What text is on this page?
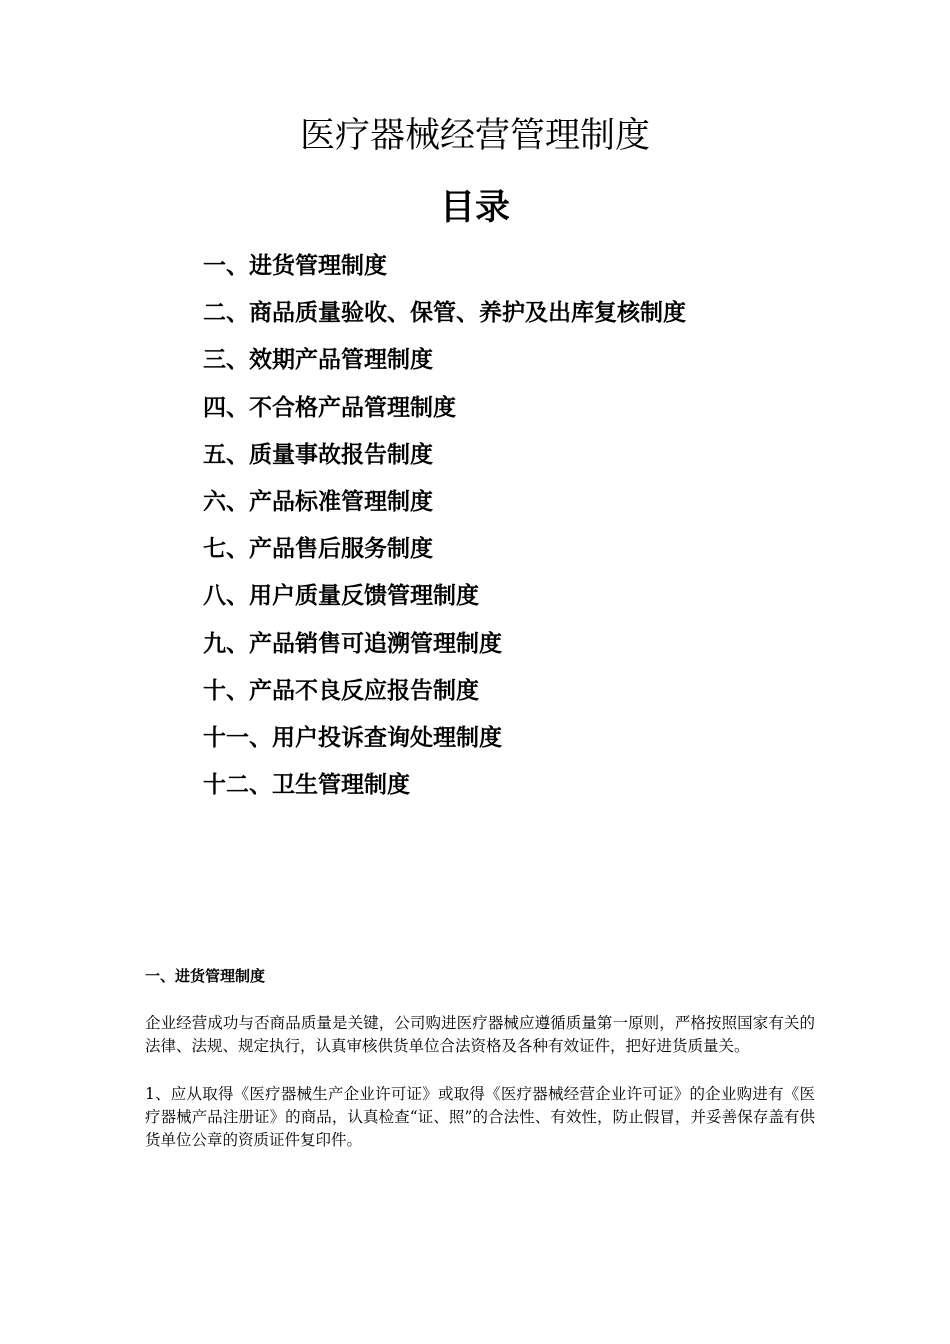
医疗器械经营管理制度
目录
一、进货管理制度
二、商品质量验收、保管、养护及出库复核制度
三、效期产品管理制度
四、不合格产品管理制度
五、质量事故报告制度
六、产品标准管理制度
七、产品售后服务制度
八、用户质量反馈管理制度
九、产品销售可追溯管理制度
十、产品不良反应报告制度
十一、用户投诉查询处理制度
十二、卫生管理制度
一、进货管理制度

企业经营成功与否商品质量是关键，公司购进医疗器械应遵循质量第一原则，严格按照国家有关的法律、法规、规定执行，认真审核供货单位合法资格及各种有效证件，把好进货质量关。

1、应从取得《医疗器械生产企业许可证》或取得《医疗器械经营企业许可证》的企业购进有《医疗器械产品注册证》的商品，认真检查“证、照”的合法性、有效性，防止假冒，并妥善保存盖有供货单位公章的资质证件复印件。
